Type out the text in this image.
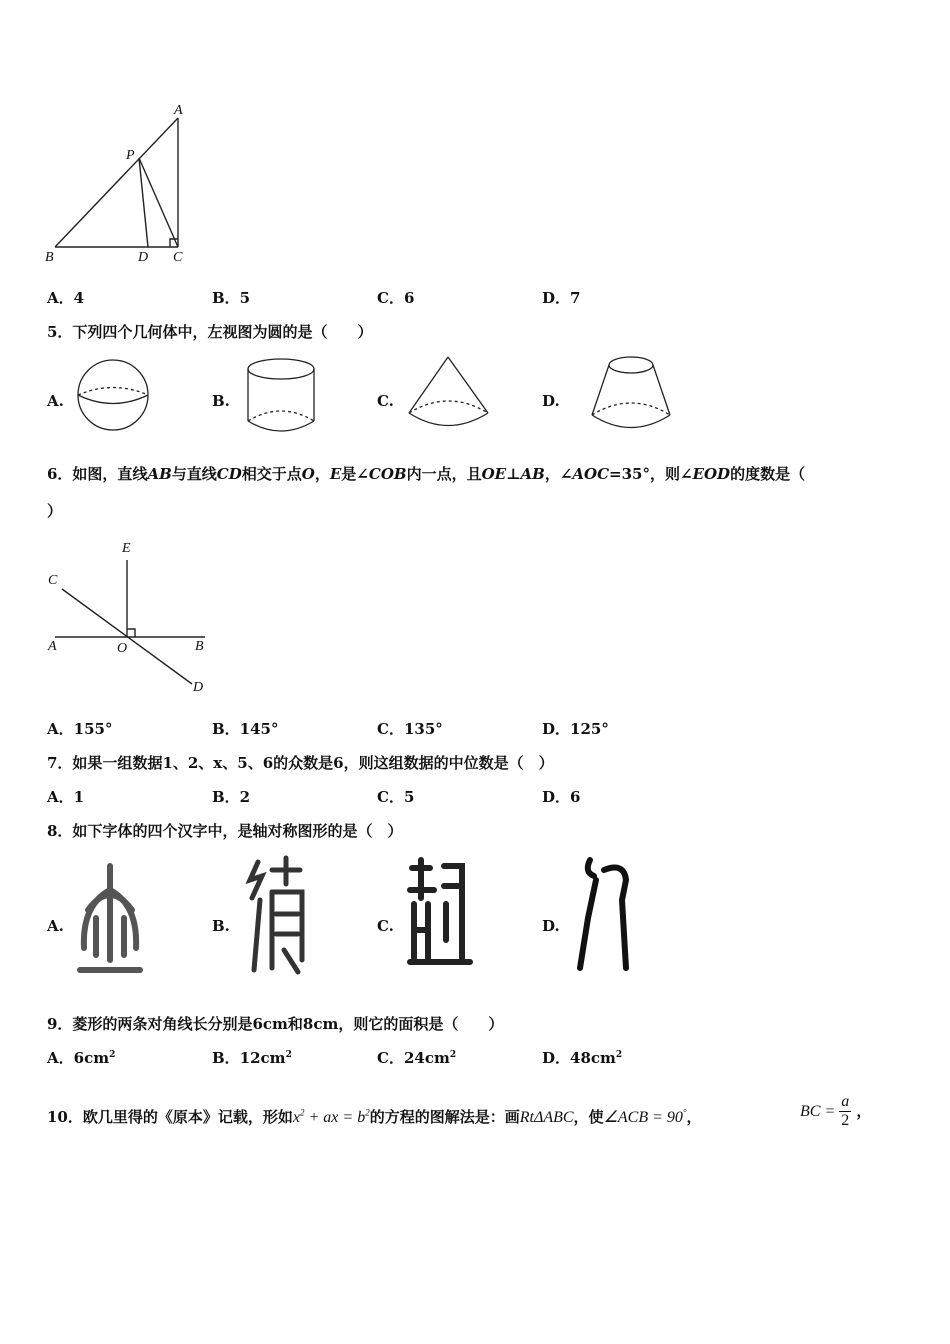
A
P
B	D C
A．4	B．5	C．6	D．7
5．下列四个几何体中，左视图为圆的是（　　）
A.	B.	C.	D.
6．如图，直线AB与直线CD相交于点O，E是∠COB内一点，且OE⊥AB，∠AOC=35°，则∠EOD的度数是（
）
E
C
A	O	B
D
A．155°	B．145°	C．135°	D．125°
7．如果一组数据1、2、x、5、6的众数是6，则这组数据的中位数是（　）
A．1	B．2	C．5	D．6
8．如下字体的四个汉字中，是轴对称图形的是（　）
A.	B.	C.	D.
9．菱形的两条对角线长分别是6cm和8cm，则它的面积是（　　）
A．$6cm^2$	B．$12cm^2$	C．$24cm^2$	D．$48cm^2$
10．欧几里得的《原本》记载，形如$x^2$ + ax = $b^2$的方程的图解法是：画RtΔABC，使∠ACB = 90°，	BC = $\frac{a}{2}$ ，
